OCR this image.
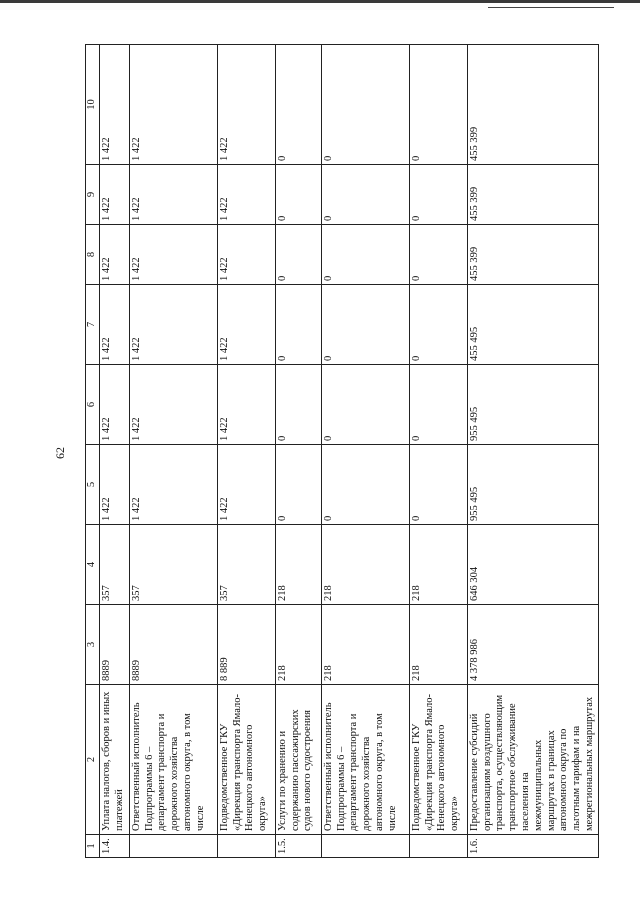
62
1	2	3	4	5	6	7	8	9	10
1.4.	Уплата налогов, сборов и иных платежей	8889	357	1 422	1 422	1 422	1 422	1 422	1 422
	Ответственный исполнитель Подпрограммы 6 – департамент транспорта и дорожного хозяйства автономного округа, в том числе	8889	357	1 422	1 422	1 422	1 422	1 422	1 422
	Подведомственное ГКУ «Дирекция транспорта Ямало-Ненецкого автономного округа»	8 889	357	1 422	1 422	1 422	1 422	1 422	1 422
1.5.	Услуги по хранению и содержанию пассажирских судов нового судостроения	218	218	0	0	0	0	0	0
	Ответственный исполнитель Подпрограммы 6 – департамент транспорта и дорожного хозяйства автономного округа, в том числе	218	218	0	0	0	0	0	0
	Подведомственное ГКУ «Дирекция транспорта Ямало-Ненецкого автономного округа»	218	218	0	0	0	0	0	0
1.6.	Предоставление субсидий организациям воздушного транспорта, осуществляющим транспортное обслуживание населения на межмуниципальных маршрутах в границах автономного округа по льготным тарифам и на межрегиональных маршрутах	4 378 986	646 304	955 495	955 495	455 495	455 399	455 399	455 399
